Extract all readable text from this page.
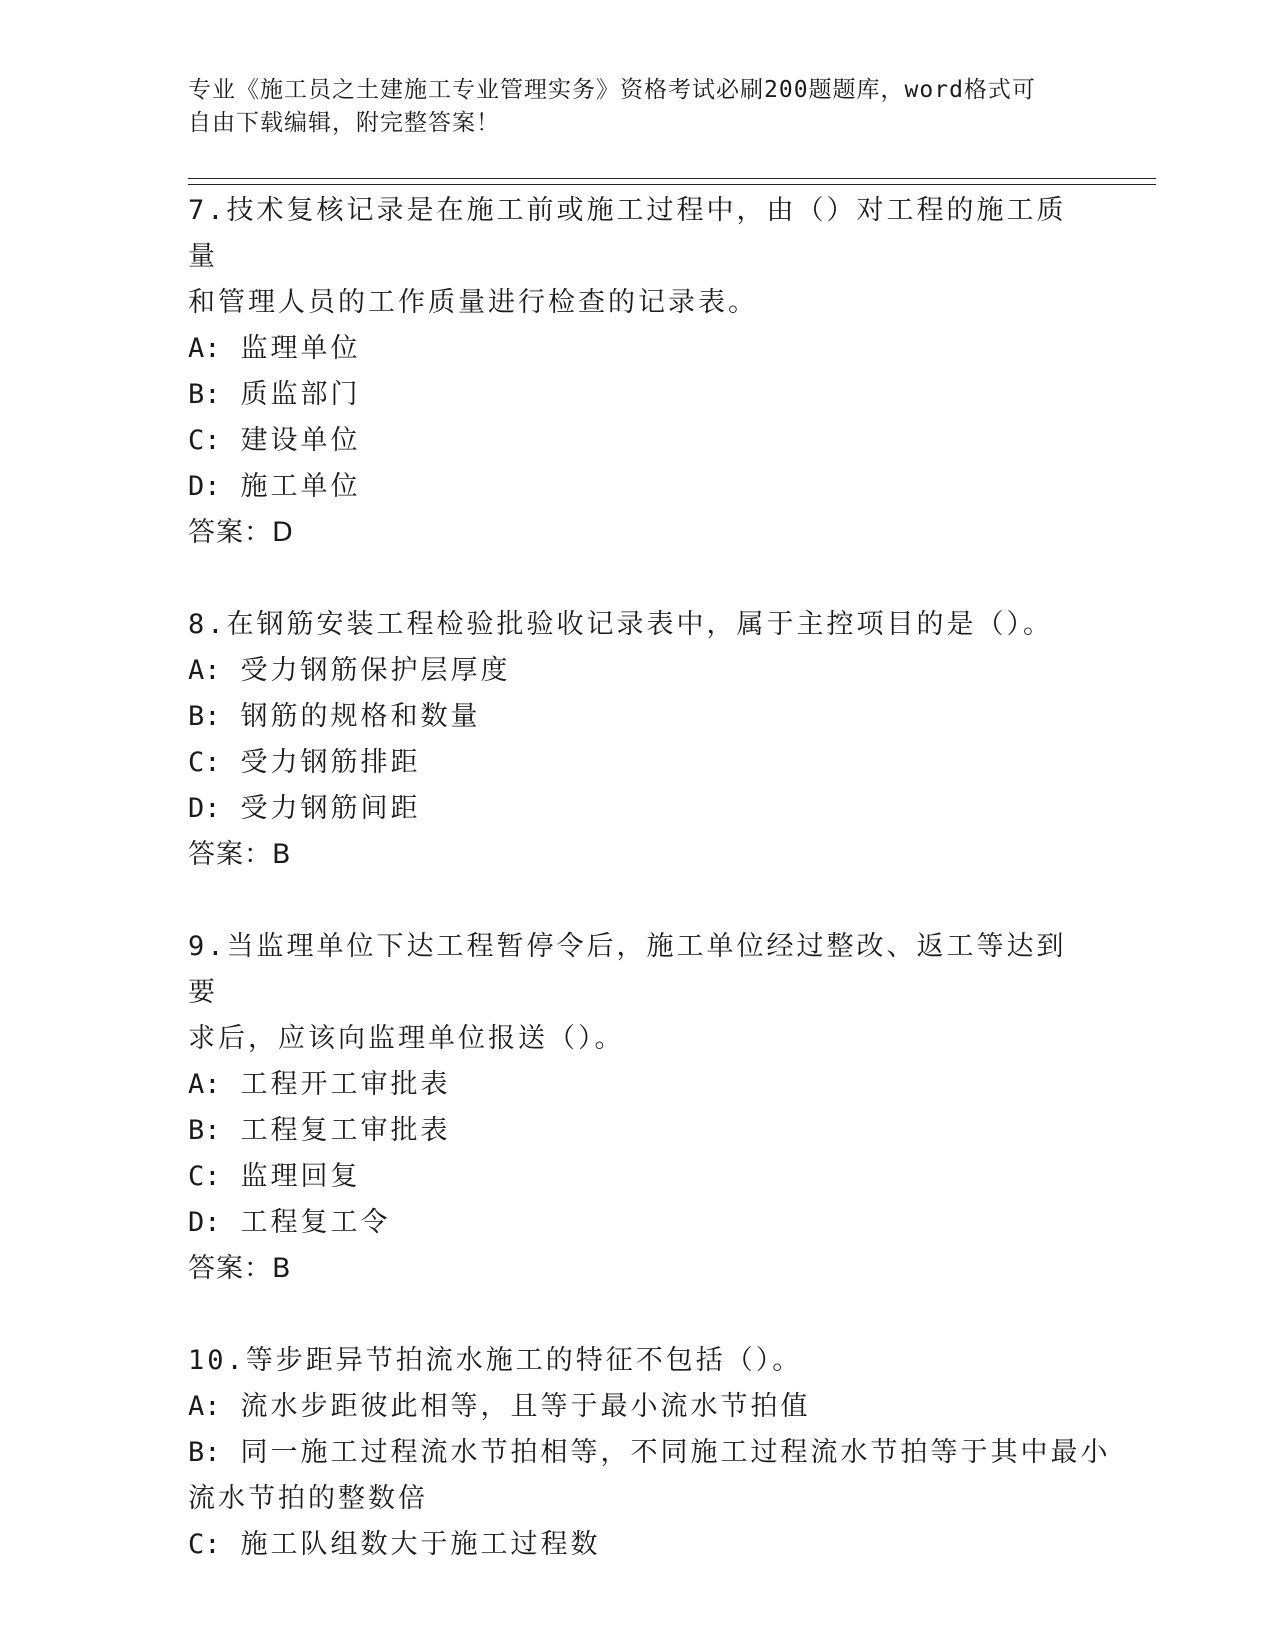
专业《施工员之土建施工专业管理实务》资格考试必刷200题题库，word格式可
自由下载编辑，附完整答案！
7.技术复核记录是在施工前或施工过程中，由（）对工程的施工质量
和管理人员的工作质量进行检查的记录表。
A: 监理单位
B: 质监部门
C: 建设单位
D: 施工单位
答案：D
8.在钢筋安装工程检验批验收记录表中，属于主控项目的是（）。
A: 受力钢筋保护层厚度
B: 钢筋的规格和数量
C: 受力钢筋排距
D: 受力钢筋间距
答案：B
9.当监理单位下达工程暂停令后，施工单位经过整改、返工等达到要
求后，应该向监理单位报送（）。
A: 工程开工审批表
B: 工程复工审批表
C: 监理回复
D: 工程复工令
答案：B
10.等步距异节拍流水施工的特征不包括（）。
A: 流水步距彼此相等，且等于最小流水节拍值
B: 同一施工过程流水节拍相等，不同施工过程流水节拍等于其中最小
流水节拍的整数倍
C: 施工队组数大于施工过程数
